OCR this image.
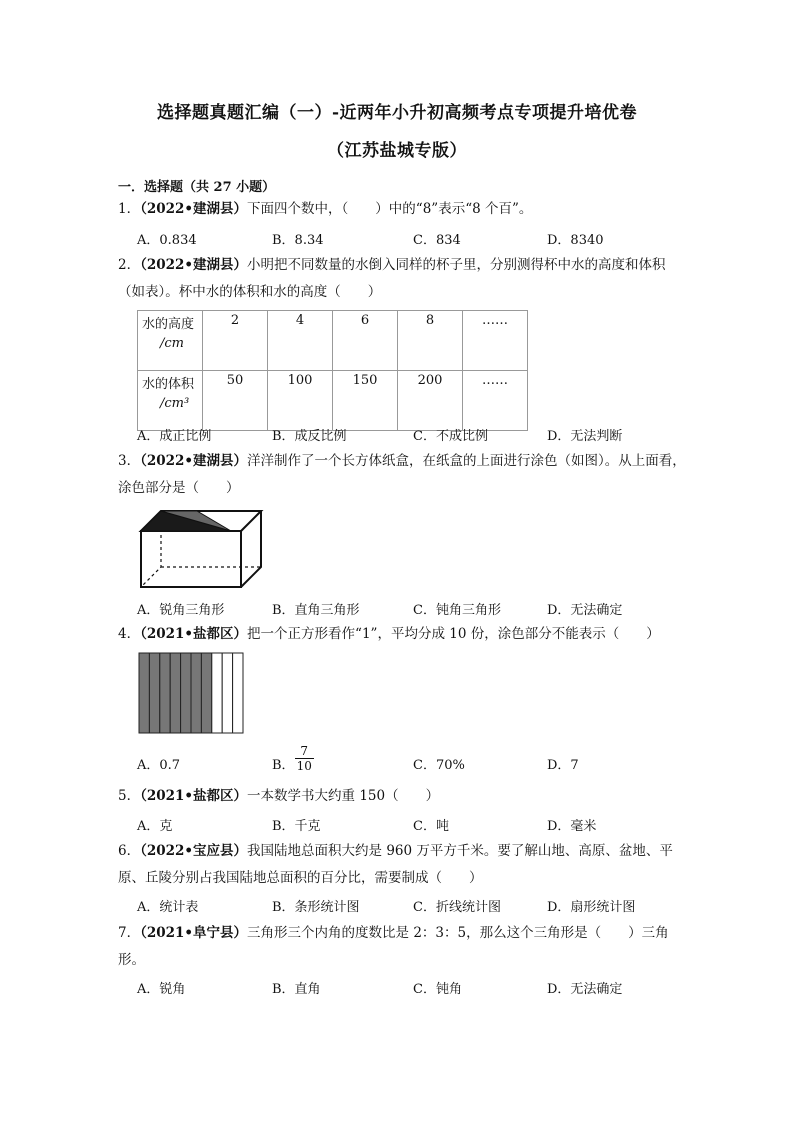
选择题真题汇编（一）-近两年小升初高频考点专项提升培优卷
（江苏盐城专版）
一．选择题（共 27 小题）
1．（2022•建湖县）下面四个数中，（　　）中的“8”表示“8 个百”。
A．0.834	B．8.34	C．834	D．8340
2．（2022•建湖县）小明把不同数量的水倒入同样的杯子里，分别测得杯中水的高度和体积（如表）。杯中水的体积和水的高度（　　）
水的高度
/cm	2	4	6	8	……
水的体积
/cm³	50	100	150	200	……
A．成正比例	B．成反比例	C．不成比例	D．无法判断
3．（2022•建湖县）洋洋制作了一个长方体纸盒，在纸盒的上面进行涂色（如图）。从上面看，涂色部分是（　　）
A．锐角三角形	B．直角三角形	C．钝角三角形	D．无法确定
4．（2021•盐都区）把一个正方形看作“1”，平均分成 10 份，涂色部分不能表示（　　）
A．0.7	B． $\frac{7}{10}$	C．70%	D．7
5．（2021•盐都区）一本数学书大约重 150（　　）
A．克	B．千克	C．吨	D．毫米
6．（2022•宝应县）我国陆地总面积大约是 960 万平方千米。要了解山地、高原、盆地、平原、丘陵分别占我国陆地总面积的百分比，需要制成（　　）
A．统计表	B．条形统计图	C．折线统计图	D．扇形统计图
7．（2021•阜宁县）三角形三个内角的度数比是 2：3：5，那么这个三角形是（　　）三角形。
A．锐角	B．直角	C．钝角	D．无法确定
